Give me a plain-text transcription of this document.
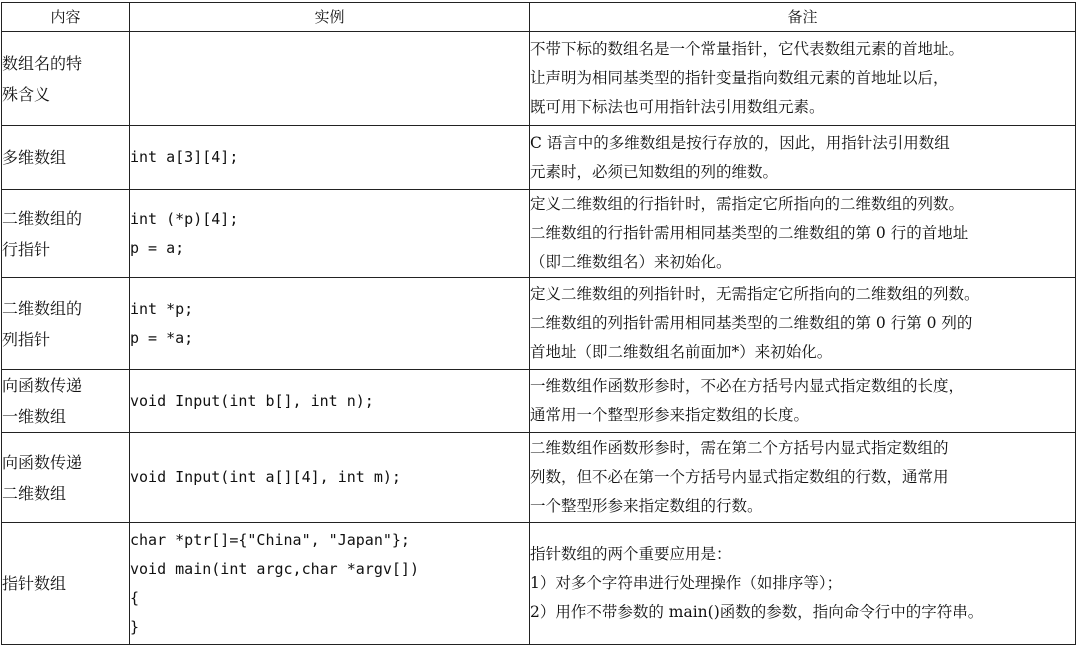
内容	实例	备注

数组名的特
殊含义		不带下标的数组名是一个常量指针，它代表数组元素的首地址。
让声明为相同基类型的指针变量指向数组元素的首地址以后，
既可用下标法也可用指针法引用数组元素。

多维数组	int a[3][4];	C 语言中的多维数组是按行存放的，因此，用指针法引用数组
元素时，必须已知数组的列的维数。

二维数组的
行指针	int (*p)[4];
p = a;	定义二维数组的行指针时，需指定它所指向的二维数组的列数。
二维数组的行指针需用相同基类型的二维数组的第 0 行的首地址
（即二维数组名）来初始化。

二维数组的
列指针	int *p;
p = *a;	定义二维数组的列指针时，无需指定它所指向的二维数组的列数。
二维数组的列指针需用相同基类型的二维数组的第 0 行第 0 列的
首地址（即二维数组名前面加*）来初始化。

向函数传递
一维数组	void Input(int b[], int n);	一维数组作函数形参时，不必在方括号内显式指定数组的长度，
通常用一个整型形参来指定数组的长度。

向函数传递
二维数组	void Input(int a[][4], int m);	二维数组作函数形参时，需在第二个方括号内显式指定数组的
列数，但不必在第一个方括号内显式指定数组的行数，通常用
一个整型形参来指定数组的行数。

指针数组	char *ptr[]={"China", "Japan"};
void main(int argc,char *argv[])
{
}	指针数组的两个重要应用是：
1）对多个字符串进行处理操作（如排序等）；
2）用作不带参数的 main()函数的参数，指向命令行中的字符串。
